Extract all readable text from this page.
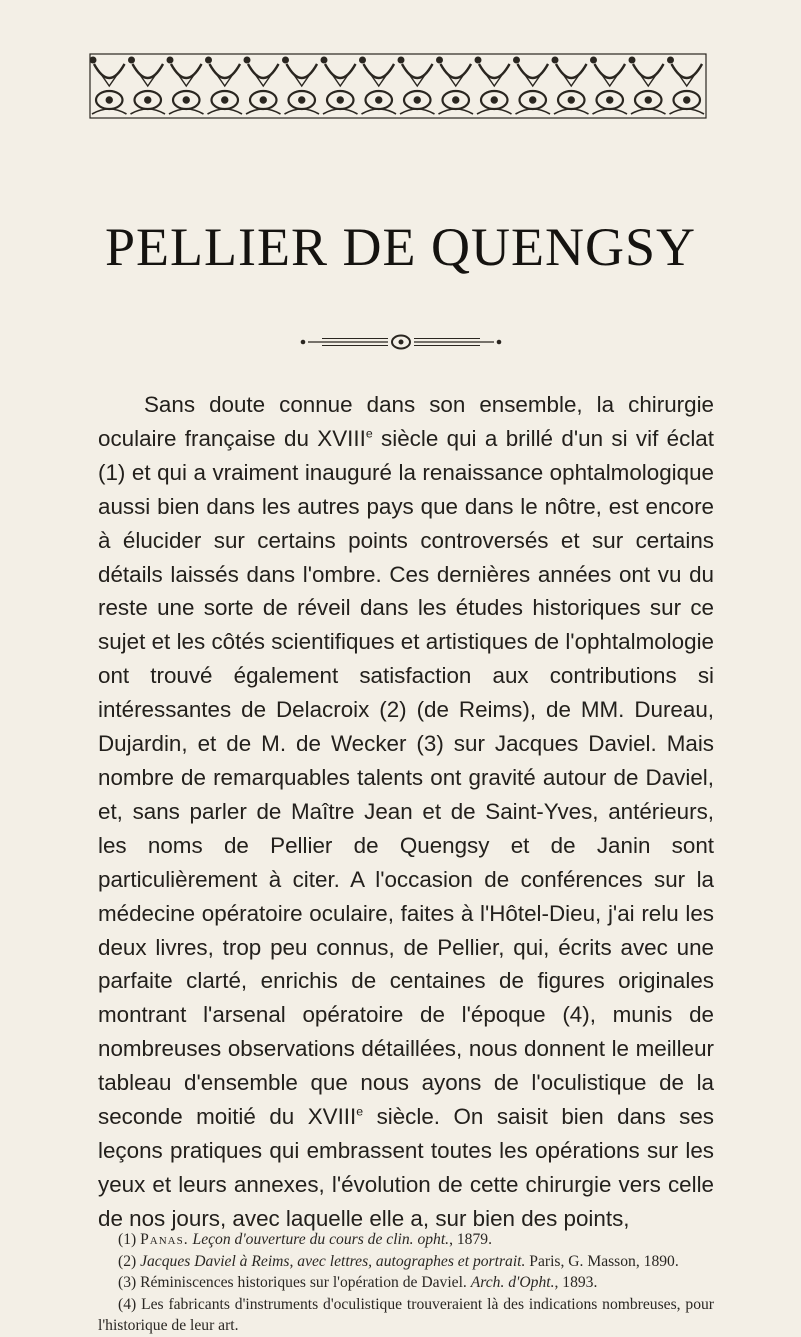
PELLIER DE QUENGSY

Sans doute connue dans son ensemble, la chirurgie oculaire française du XVIIIe siècle qui a brillé d'un si vif éclat (1) et qui a vraiment inauguré la renaissance ophtalmologique aussi bien dans les autres pays que dans le nôtre, est encore à élucider sur certains points controversés et sur certains détails laissés dans l'ombre. Ces dernières années ont vu du reste une sorte de réveil dans les études historiques sur ce sujet et les côtés scientifiques et artistiques de l'ophtalmologie ont trouvé également satisfaction aux contributions si intéressantes de Delacroix (2) (de Reims), de MM. Dureau, Dujardin, et de M. de Wecker (3) sur Jacques Daviel. Mais nombre de remarquables talents ont gravité autour de Daviel, et, sans parler de Maître Jean et de Saint-Yves, antérieurs, les noms de Pellier de Quengsy et de Janin sont particulièrement à citer. A l'occasion de conférences sur la médecine opératoire oculaire, faites à l'Hôtel-Dieu, j'ai relu les deux livres, trop peu connus, de Pellier, qui, écrits avec une parfaite clarté, enrichis de centaines de figures originales montrant l'arsenal opératoire de l'époque (4), munis de nombreuses observations détaillées, nous donnent le meilleur tableau d'ensemble que nous ayons de l'oculistique de la seconde moitié du XVIIIe siècle. On saisit bien dans ses leçons pratiques qui embrassent toutes les opérations sur les yeux et leurs annexes, l'évolution de cette chirurgie vers celle de nos jours, avec laquelle elle a, sur bien des points,

(1) Panas. Leçon d'ouverture du cours de clin. opht., 1879.

(2) Jacques Daviel à Reims, avec lettres, autographes et portrait. Paris, G. Masson, 1890.

(3) Réminiscences historiques sur l'opération de Daviel. Arch. d'Opht., 1893.

(4) Les fabricants d'instruments d'oculistique trouveraient là des indications nombreuses, pour l'historique de leur art.
